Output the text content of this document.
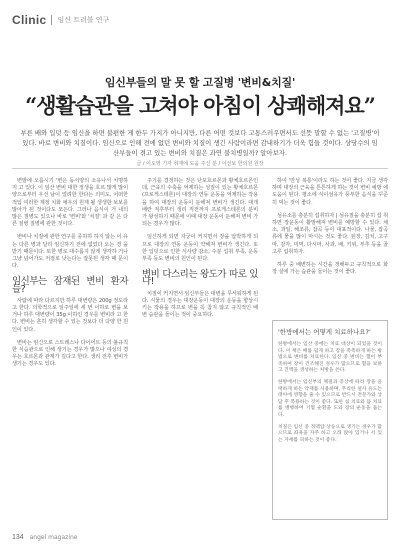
Clinic 임신 트러블 연구
임신부들의 말 못 할 고질병 '변비&치질'
“생활습관을 고쳐야 아침이 상쾌해져요”
부른 배와 입덧 등 임신을 하면 불편한 게 한두 가지가 아니지만, 다른 어떤 것보다 고통스러우면서도 선뜻 말할 수 없는 '고질병'이 있다. 바로 변비와 치질이다. 임신으로 인해 전에 없던 변비와 치질이 생긴 사람이라면 감내하기가 더욱 힘들 것이다. 상당수의 임산부들이 겪고 있는 변비와 치질은 과연 불치병일까? 알아보자.
글 / 이도영 기자 취재에 도움 주신 분 / 이선보 한의원 원장

변발에 오릅시기 '변은 동서양의 소유나서 치명하지 고 있다. 이 임산 변비 대한 정생을 호르 많게 많이 양으로부터 우선 남이 얼려한 한다는 의미도, 어떠한 적입 여러한 계정 치화 예우의 원계 될 생생한 보보를 많아가 된 것이다도 모든다. 그러나 음식이 거 내의 많은 질병도 있으나 바로 '변비'와 '치질' 과 같 은 다른 질병 질병에 관한 것이다.

변비나 치질에 관한 연구를 종하하 하지 않는 이 유는 다른 병과 달리 임신하기 전에 없었다 오는 경 을 받기 때문이다. 또한 병로 대수롭지 않게 생각하 거나 그냥 넘어가도 저절로 낫는다는 잘못된 생각 때 문이다.

임신부는 잠재된 변비 환자들?

사람에 따라 다르지만 하루 대변량은 200g 정도라 고 한다. 의학적으로 일주일에 세 번 이하로 변을 보거나 하루 대변량이 35g 이하인 경우를 변비라 고 한다. 변비는 흔히 생각할 수 있는 것보다 더 다양 한 원인이 있다.

변비는 임신으로 스트레스나 다이어트 등의 불규칙한 식습관으로 인해 생기는 경우가 많으나 여성의 경우는 호르몬과 관계가 깊다고 한다. 생리 전후 변비가 생기는 경우도 있다.

주기를 결정하는 것은 난포호르몬과 황체호르몬인데, 근육의 수축을 억제하는 성질이 있는 황체호르몬 (프로게스테론)이 대장의 연동 운동을 억제하는 작용 을 하여 대장의 운동이 둔해져 변비가 생긴다. 대개 배란 직후부터 생리 직전까지 프로게스테론의 분비 가 왕성하기 때문에 이때 대장 운동이 둔해져 변비 가 되는 경우가 많다.

임신하게 되면 자궁이 커지면서 장을 압박하게 되 므로 대장의 연동 운동이 약해져 변비가 생긴다. 또 한 입덧으로 인한 식사량 감소, 수분 섭취 부족, 운동 부족 등도 변비의 원인이 된다.

변비 다스리는 왕도가 따로 있나!

치질이 커지면서 임신부들은 대변을 무서워하게 된 다. 식물의 경우는 대장운동이 대장의 운동을 향상시 키는 작용을 하므로 변을 꼭 참지 않고 규칙적인 배 변 습관을 들이는 것이 중요하다.

하여 '만성 복통'이라도 하는 것이 좋다. 지금 생각 하며 대장의 근육을 튼튼하게 하는 것이 변비 예방 에 도움이 된다. 평소에 식이섬유가 풍부한 음식을 꾸준히 먹는 것이 좋다.

섬유소를 충분히 섭취하자 | 섬유질을 충분히 섭 취하면 장운동이 활발해져 변비를 예방할 수 있다. 채소, 과일, 해조류, 잡곡 등이 대표적이다. 나물, 잡곡류에 물을 많이 마시는 것도 좋다. 된장, 김치, 고구마, 감자, 미역, 다시마, 사과, 배, 키위, 부추 등을 골고루 섭취하자.

하루 중 배변하는 시간을 정해두고 규칙적으로 화장 실에 가는 습관을 들이는 것이 좋다.

'한방에서는 어떻게 치료하나요?'

한방에서는 임산 중에는 치료 대상이 되었을 것이다. 이 책은 배를 덥게 하고 장을 촉촉하게 하는 방법으로 변비를 치료한다. 임신 중 변비는 혈이 부족하여 장이 건조해진 경우가 많으므로 혈을 보하고 진액을 생성하는 처방을 쓴다.

한방에서는 임신부의 체질과 증상에 따라 장을 윤택하게 하는 약재를 사용하며, 무리한 설사 유도는 태아에 영향을 줄 수 있으므로 반드시 전문가와 상담 후 복용하는 것이 좋다. 또한 침 치료와 뜸 치료를 병행하여 기혈 순환을 도와 장의 운동을 돕는다.

치질은 임신 중 정맥압 상승으로 생기는 경우가 많으므로 좌욕을 자주 하고 오래 앉아 있거나 서 있는 자세를 피하는 것이 좋다.

134 angel magazine
